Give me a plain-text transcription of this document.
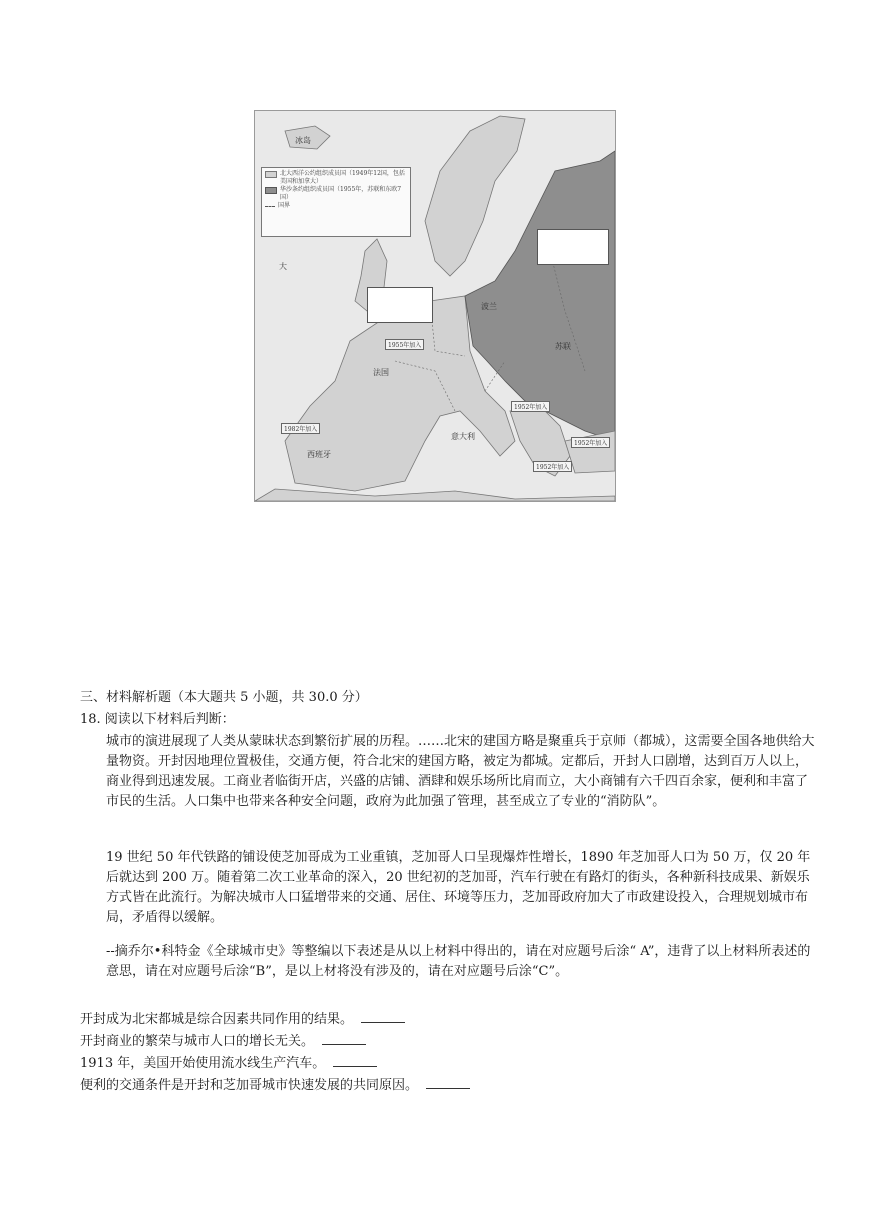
北大西洋公约组织成员国（1949年12国，包括美国和加拿大）
华沙条约组织成员国（1955年，苏联和东欧7国）
国界
1955年加入
1982年加入
1952年加入
1952年加入
1952年加入
冰岛
大
法国
苏联
西班牙
意大利
波兰
三、材料解析题（本大题共 5 小题，共 30.0 分）
18. 阅读以下材料后判断：
城市的演进展现了人类从蒙昧状态到繁衍扩展的历程。……北宋的建国方略是聚重兵于京师（都城），这需要全国各地供给大量物资。开封因地理位置极佳，交通方便，符合北宋的建国方略，被定为都城。定都后，开封人口剧增，达到百万人以上，商业得到迅速发展。工商业者临街开店，兴盛的店铺、酒肆和娱乐场所比肩而立，大小商铺有六千四百余家，便利和丰富了市民的生活。人口集中也带来各种安全问题，政府为此加强了管理，甚至成立了专业的“消防队”。
19 世纪 50 年代铁路的铺设使芝加哥成为工业重镇，芝加哥人口呈现爆炸性增长，1890 年芝加哥人口为 50 万，仅 20 年后就达到 200 万。随着第二次工业革命的深入，20 世纪初的芝加哥，汽车行驶在有路灯的街头，各种新科技成果、新娱乐方式皆在此流行。为解决城市人口猛增带来的交通、居住、环境等压力，芝加哥政府加大了市政建设投入，合理规划城市布局，矛盾得以缓解。
--摘乔尔•科特金《全球城市史》等整编以下表述是从以上材料中得出的，请在对应题号后涂“ A”，违背了以上材料所表述的意思，请在对应题号后涂“B”，是以上材将没有涉及的，请在对应题号后涂“C”。
开封成为北宋都城是综合因素共同作用的结果。
开封商业的繁荣与城市人口的增长无关。
1913 年，美国开始使用流水线生产汽车。
便利的交通条件是开封和芝加哥城市快速发展的共同原因。
